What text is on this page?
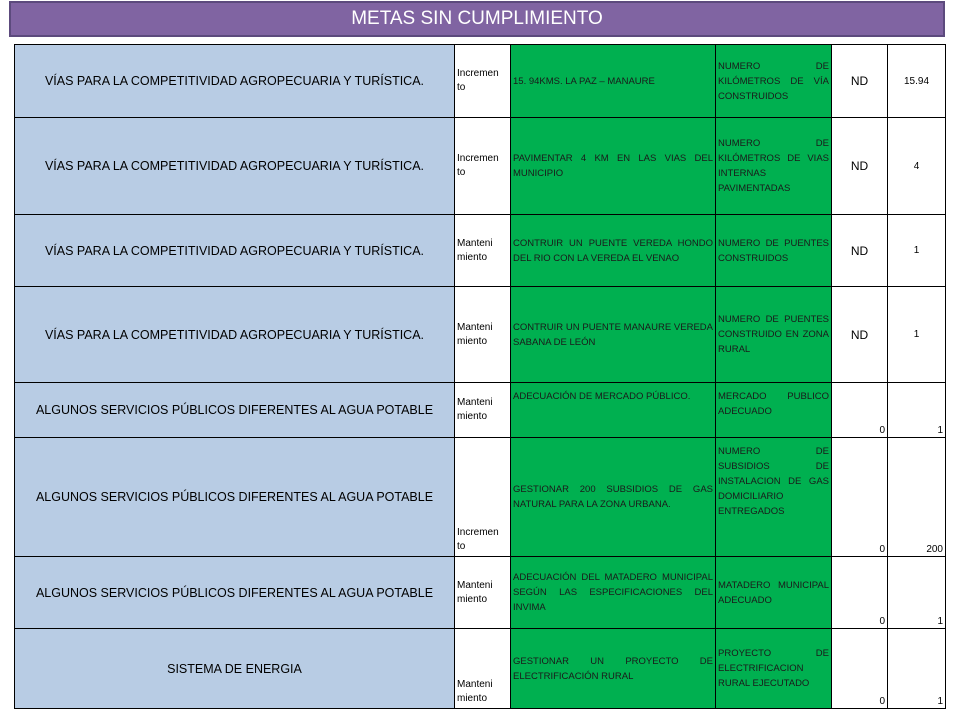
METAS SIN CUMPLIMIENTO
VÍAS PARA LA COMPETITIVIDAD AGROPECUARIA Y TURÍSTICA.	Incremen to	15. 94KMS. LA PAZ – MANAURE	NUMERO DE KILÓMETROS DE VÍA CONSTRUIDOS	ND	15.94
VÍAS PARA LA COMPETITIVIDAD AGROPECUARIA Y TURÍSTICA.	Incremen to	PAVIMENTAR 4 KM EN LAS VIAS DEL MUNICIPIO	NUMERO DE KILÓMETROS DE VIAS INTERNAS PAVIMENTADAS	ND	4
VÍAS PARA LA COMPETITIVIDAD AGROPECUARIA Y TURÍSTICA.	Manteni miento	CONTRUIR UN PUENTE VEREDA HONDO DEL RIO CON LA VEREDA EL VENAO	NUMERO DE PUENTES CONSTRUIDOS	ND	1
VÍAS PARA LA COMPETITIVIDAD AGROPECUARIA Y TURÍSTICA.	Manteni miento	CONTRUIR UN PUENTE MANAURE VEREDA SABANA DE LEÓN	NUMERO DE PUENTES CONSTRUIDO EN ZONA RURAL	ND	1
ALGUNOS SERVICIOS PÚBLICOS DIFERENTES AL AGUA POTABLE	Manteni miento	ADECUACIÓN DE MERCADO PÚBLICO.	MERCADO PUBLICO ADECUADO	0	1
ALGUNOS SERVICIOS PÚBLICOS DIFERENTES AL AGUA POTABLE	Incremen to	GESTIONAR 200 SUBSIDIOS DE GAS NATURAL PARA LA ZONA URBANA.	NUMERO DE SUBSIDIOS DE INSTALACION DE GAS DOMICILIARIO ENTREGADOS	0	200
ALGUNOS SERVICIOS PÚBLICOS DIFERENTES AL AGUA POTABLE	Manteni miento	ADECUACIÓN DEL MATADERO MUNICIPAL SEGÚN LAS ESPECIFICACIONES DEL INVIMA	MATADERO MUNICIPAL ADECUADO	0	1
SISTEMA DE ENERGIA	Manteni miento	GESTIONAR UN PROYECTO DE ELECTRIFICACIÓN RURAL	PROYECTO DE ELECTRIFICACION RURAL EJECUTADO	0	1
